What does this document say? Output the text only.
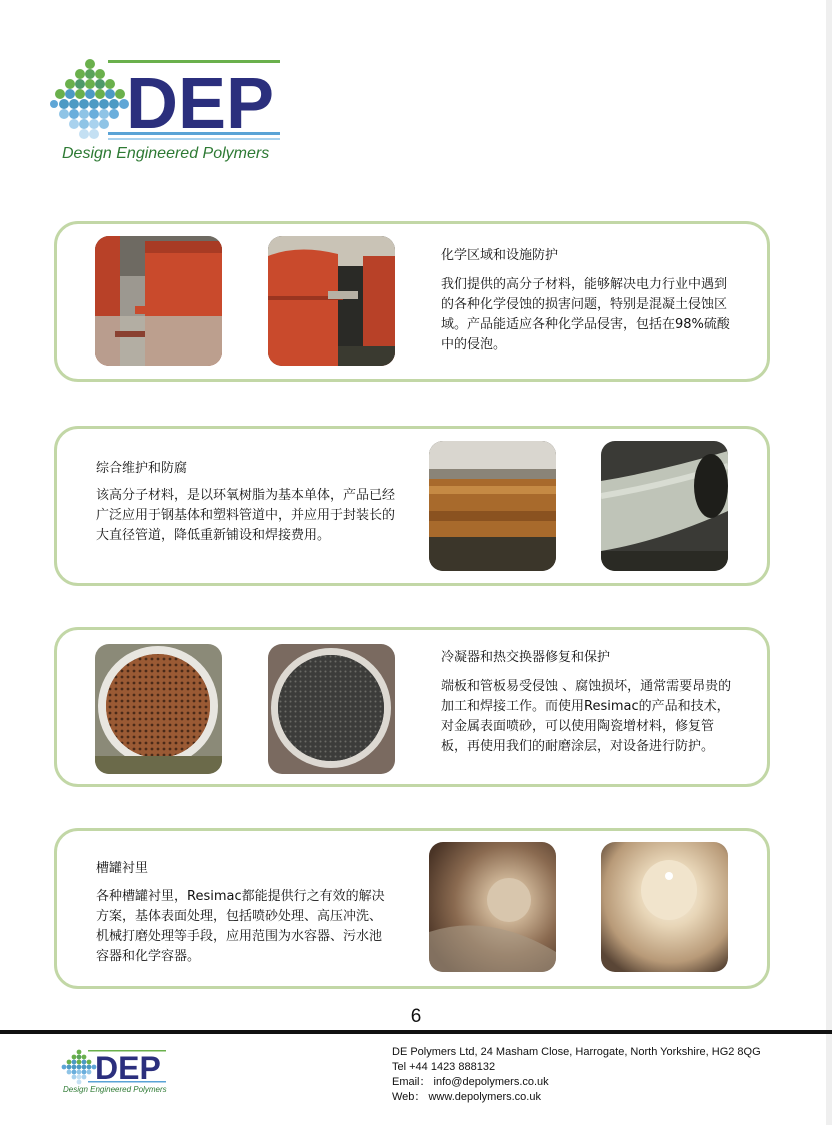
DEP
Design Engineered Polymers
化学区域和设施防护
我们提供的高分子材料，能够解决电力行业中遇到的各种化学侵蚀的损害问题，特别是混凝土侵蚀区域。产品能适应各种化学品侵害，包括在98%硫酸中的侵泡。
综合维护和防腐
该高分子材料，是以环氧树脂为基本单体，产品已经广泛应用于钢基体和塑料管道中，并应用于封装长的大直径管道，降低重新铺设和焊接费用。
冷凝器和热交换器修复和保护
端板和管板易受侵蚀 、腐蚀损坏，通常需要昂贵的加工和焊接工作。而使用Resimac的产品和技术，对金属表面喷砂，可以使用陶瓷增材料，修复管板，再使用我们的耐磨涂层，对设备进行防护。
槽罐衬里
各种槽罐衬里，Resimac都能提供行之有效的解决方案，基体表面处理，包括喷砂处理、高压冲洗、机械打磨处理等手段，应用范围为水容器、污水池容器和化学容器。
6
DEP
Design Engineered Polymers
DE Polymers Ltd, 24 Masham Close, Harrogate, North Yorkshire, HG2 8QG
Tel +44 1423 888132
Email： info@depolymers.co.uk
Web： www.depolymers.co.uk
